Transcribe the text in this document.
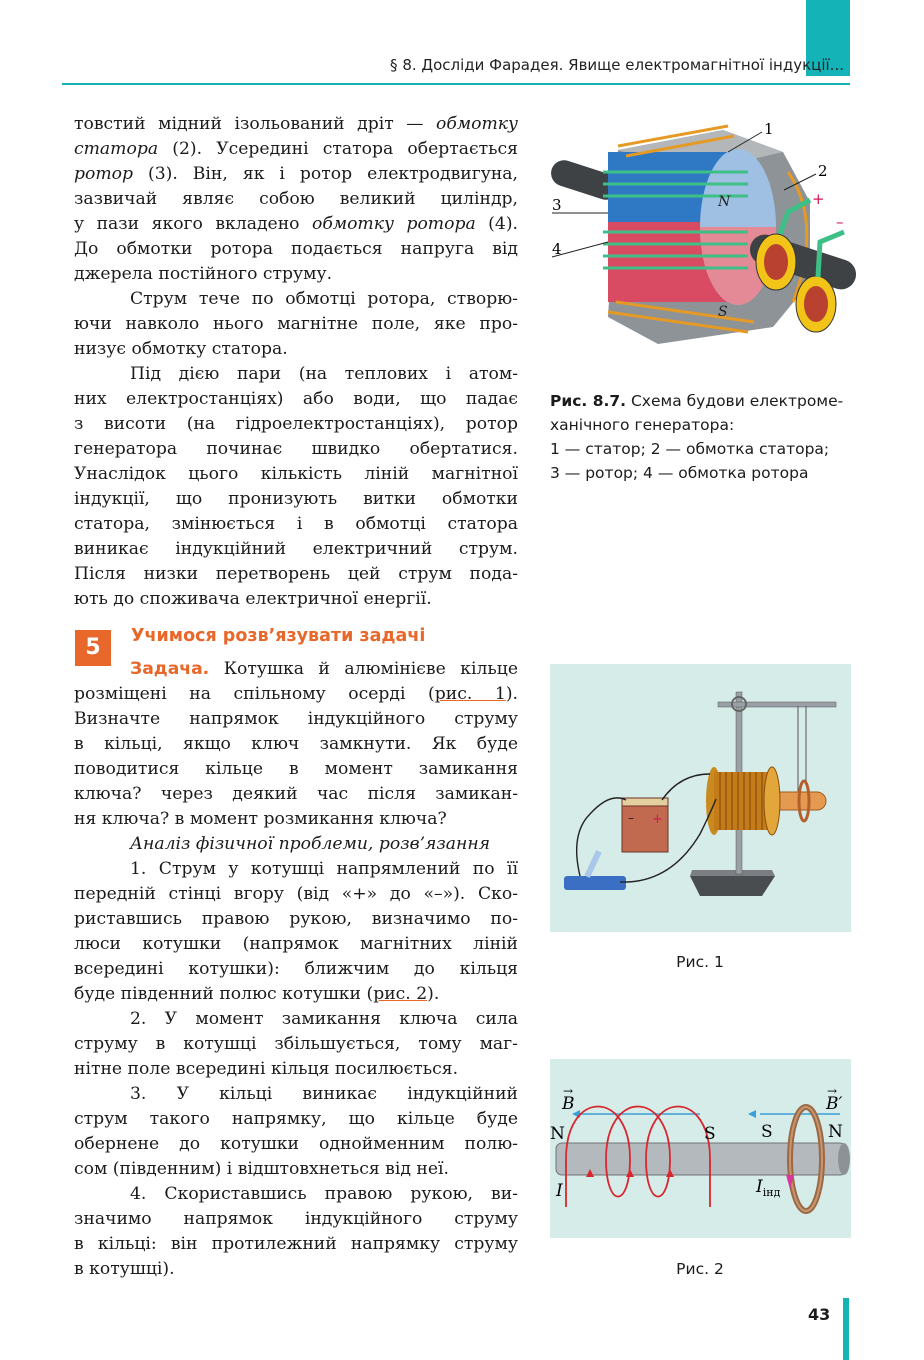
§ 8. Досліди Фарадея. Явище електромагнітної індукції...
товстий мідний ізольований дріт — обмотку
статора (2). Усередині статора обертається
ротор (3). Він, як і ротор електродвигуна,
зазвичай являє собою великий циліндр,
у пази якого вкладено обмотку ротора (4).
До обмотки ротора подається напруга від
джерела постійного струму.
Струм тече по обмотці ротора, створю-
ючи навколо нього магнітне поле, яке про-
низує обмотку статора.
Під дією пари (на теплових і атом-
них електростанціях) або води, що падає
з висоти (на гідроелектростанціях), ротор
генератора починає швидко обертатися.
Унаслідок цього кількість ліній магнітної
індукції, що пронизують витки обмотки
статора, змінюється і в обмотці статора
виникає індукційний електричний струм.
Після низки перетворень цей струм пода-
ють до споживача електричної енергії.
1
2
3
4
N
S
+
–
Рис. 8.7. Схема будови електроме-
ханічного генератора:
1 — статор; 2 — обмотка статора;
3 — ротор; 4 — обмотка ротора
5	Учимося розв’язувати задачі
Задача. Котушка й алюмінієве кільце
розміщені на спільному осерді (рис. 1).
Визначте напрямок індукційного струму
в кільці, якщо ключ замкнути. Як буде
поводитися кільце в момент замикання
ключа? через деякий час після замикан-
ня ключа? в момент розмикання ключа?
Аналіз фізичної проблеми, розв’язання
1. Струм у котушці напрямлений по її
передній стінці вгору (від «+» до «–»). Ско-
риставшись правою рукою, визначимо по-
люси котушки (напрямок магнітних ліній
всередині котушки): ближчим до кільця
буде південний полюс котушки (рис. 2).
2. У момент замикання ключа сила
струму в котушці збільшується, тому маг-
нітне поле всередині кільця посилюється.
3. У кільці виникає індукційний
струм такого напрямку, що кільце буде
обернене до котушки однойменним полю-
сом (південним) і відштовхнеться від неї.
4. Скориставшись правою рукою, ви-
значимо напрямок індукційного струму
в кільці: він протилежний напрямку струму
в котушці).
– +
Рис. 1
B
→
B′
→
N	S	S	N
I	$I_{інд}$
Рис. 2
43
